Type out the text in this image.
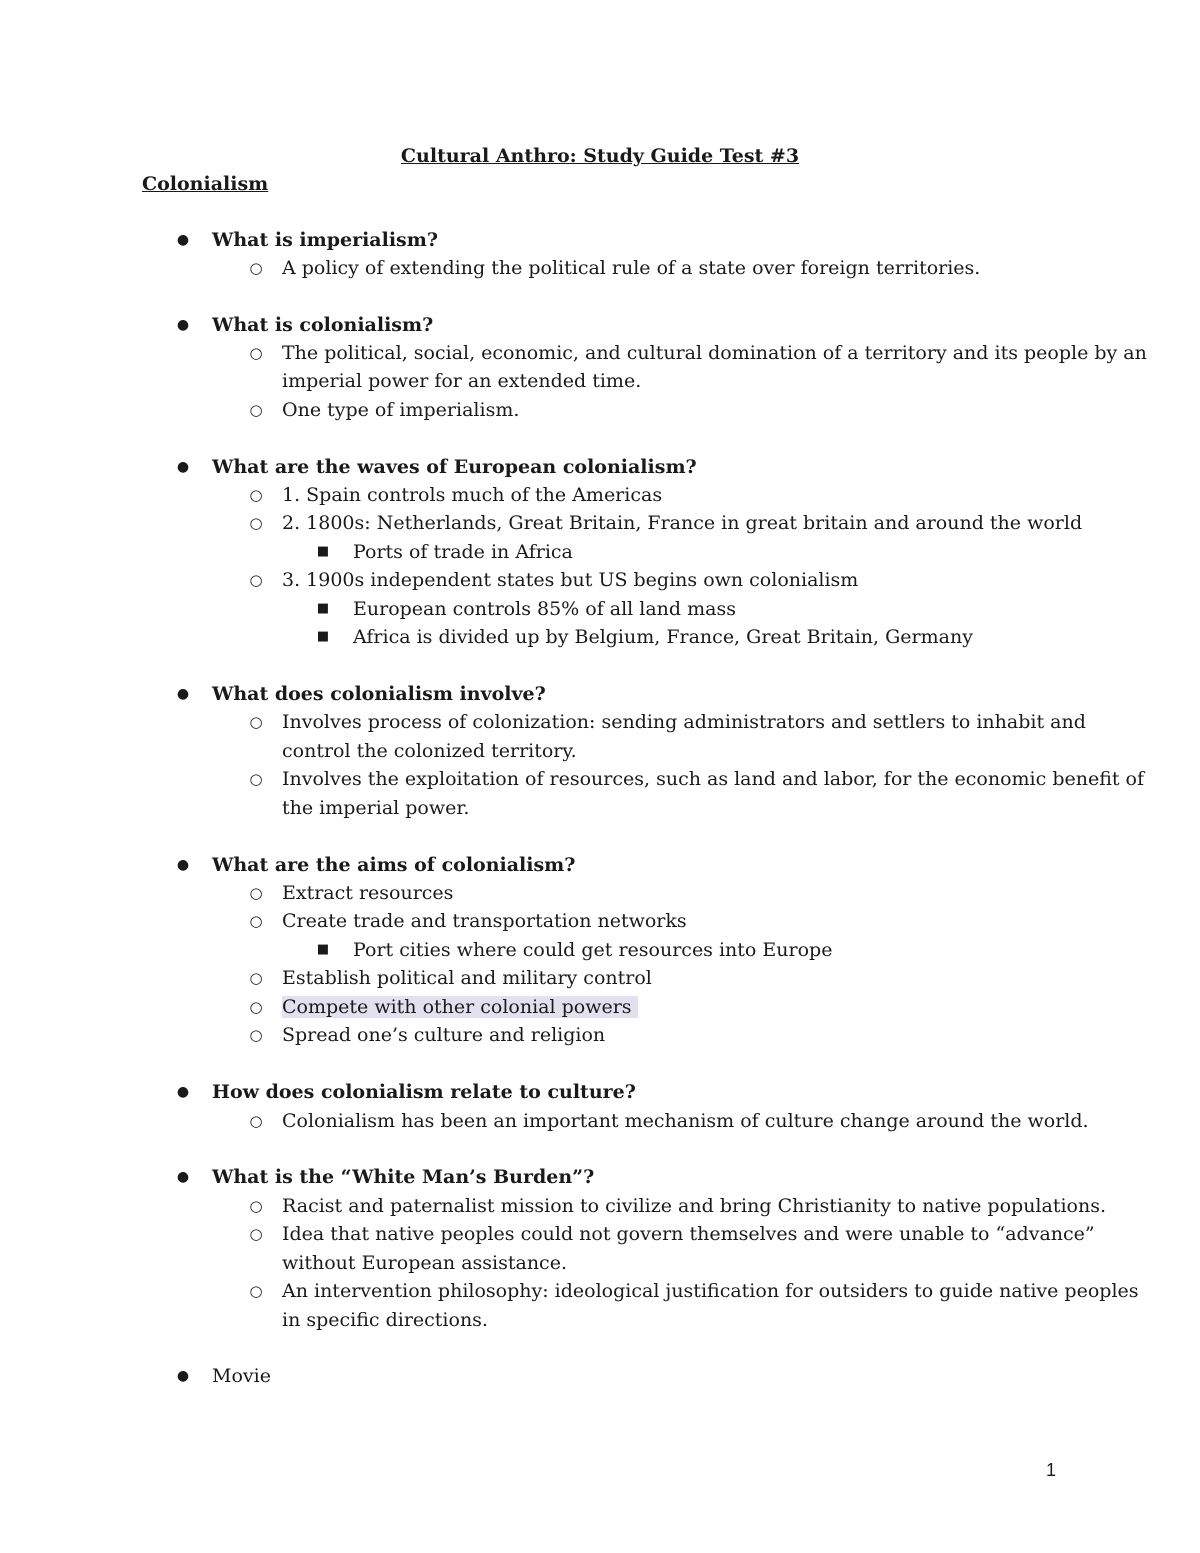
Cultural Anthro: Study Guide Test #3
Colonialism
● What is imperialism?
○ A policy of extending the political rule of a state over foreign territories.
● What is colonialism?
○ The political, social, economic, and cultural domination of a territory and its people by an
imperial power for an extended time.
○ One type of imperialism.
● What are the waves of European colonialism?
○ 1. Spain controls much of the Americas
○ 2. 1800s: Netherlands, Great Britain, France in great britain and around the world
■ Ports of trade in Africa
○ 3. 1900s independent states but US begins own colonialism
■ European controls 85% of all land mass
■ Africa is divided up by Belgium, France, Great Britain, Germany
● What does colonialism involve?
○ Involves process of colonization: sending administrators and settlers to inhabit and
control the colonized territory.
○ Involves the exploitation of resources, such as land and labor, for the economic benefit of
the imperial power.
● What are the aims of colonialism?
○ Extract resources
○ Create trade and transportation networks
■ Port cities where could get resources into Europe
○ Establish political and military control
○ Compete with other colonial powers
○ Spread one’s culture and religion
● How does colonialism relate to culture?
○ Colonialism has been an important mechanism of culture change around the world.
● What is the “White Man’s Burden”?
○ Racist and paternalist mission to civilize and bring Christianity to native populations.
○ Idea that native peoples could not govern themselves and were unable to “advance”
without European assistance.
○ An intervention philosophy: ideological justification for outsiders to guide native peoples
in specific directions.
● Movie
1
